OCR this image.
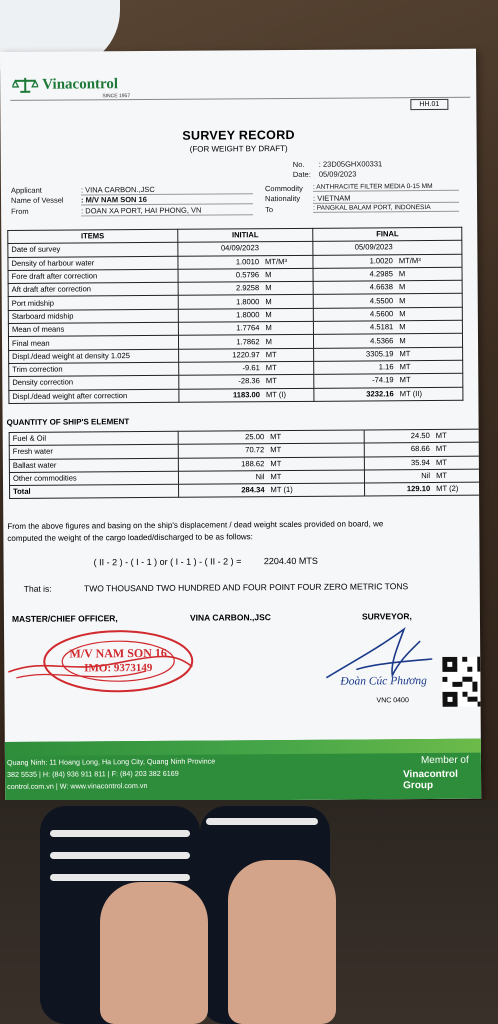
Vinacontrol
SINCE 1957
HH.01
SURVEY RECORD
(FOR WEIGHT BY DRAFT)
No. : 23D05GHX00331
Date: 05/09/2023
Applicant	: VINA CARBON.,JSC
Name of Vessel : M/V NAM SON 16
From	: DOAN XA PORT, HAI PHONG, VN
Commodity : ANTHRACITE FILTER MEDIA 0-15 MM
Nationality : VIETNAM
To	: PANGKAL BALAM PORT, INDONESIA
ITEMS	INITIAL	FINAL
Date of survey	04/09/2023	05/09/2023
Density of harbour water	1.0010 MT/M³	1.0020 MT/M³
Fore draft after correction	0.5796 M	4.2985 M
Aft draft after correction	2.9258 M	4.6638 M
Port midship	1.8000 M	4.5500 M
Starboard midship	1.8000 M	4.5600 M
Mean of means	1.7764 M	4.5181 M
Final mean	1.7862 M	4.5366 M
Displ./dead weight at density 1.025	1220.97 MT	3305.19 MT
Trim correction	-9.61 MT	1.16 MT
Density correction	-28.36 MT	-74.19 MT
Displ./dead weight after correction	1183.00 MT (I)	3232.16 MT (II)
QUANTITY OF SHIP'S ELEMENT
Fuel & Oil	25.00 MT	24.50 MT
Fresh water	70.72 MT	68.66 MT
Ballast water	188.62 MT	35.94 MT
Other commodities	Nil MT	Nil MT
Total	284.34 MT (1)	129.10 MT (2)
From the above figures and basing on the ship's displacement / dead weight scales provided on board, we
computed the weight of the cargo loaded/discharged to be as follows:
( II - 2 ) - ( I - 1 ) or ( I - 1 ) - ( II - 2 ) = 2204.40 MTS
That is:	TWO THOUSAND TWO HUNDRED AND FOUR POINT FOUR ZERO METRIC TONS
MASTER/CHIEF OFFICER,	VINA CARBON.,JSC	SURVEYOR,
M/V NAM SON 16
IMO: 9373149
Đoàn Cúc Phương
VNC 0400
Quang Ninh: 11 Hoang Long, Ha Long City, Quang Ninh Province
382 5535 | H: (84) 936 911 811 | F: (84) 203 382 6169
control.com.vn | W: www.vinacontrol.com.vn
Member of
Vinacontrol Group
